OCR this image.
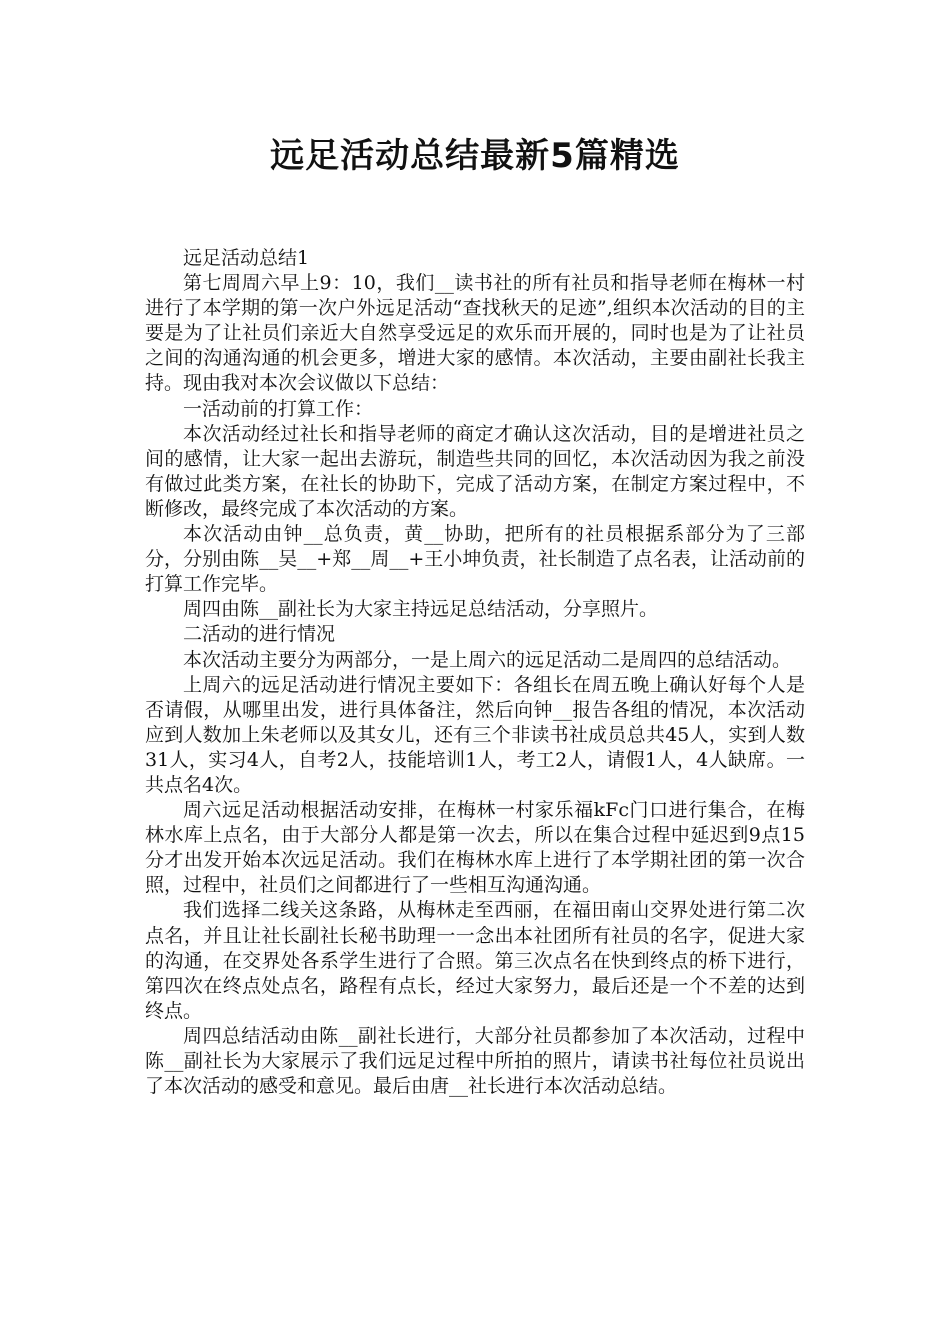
远足活动总结最新5篇精选

远足活动总结1

第七周周六早上9：10，我们__读书社的所有社员和指导老师在梅林一村进行了本学期的第一次户外远足活动“查找秋天的足迹”,组织本次活动的目的主要是为了让社员们亲近大自然享受远足的欢乐而开展的，同时也是为了让社员之间的沟通沟通的机会更多，增进大家的感情。本次活动，主要由副社长我主持。现由我对本次会议做以下总结：

一活动前的打算工作：

本次活动经过社长和指导老师的商定才确认这次活动，目的是增进社员之间的感情，让大家一起出去游玩，制造些共同的回忆，本次活动因为我之前没有做过此类方案，在社长的协助下，完成了活动方案，在制定方案过程中，不断修改，最终完成了本次活动的方案。

本次活动由钟__总负责，黄__协助，把所有的社员根据系部分为了三部分，分别由陈__吴__+郑__周__+王小坤负责，社长制造了点名表，让活动前的打算工作完毕。

周四由陈__副社长为大家主持远足总结活动，分享照片。

二活动的进行情况

本次活动主要分为两部分，一是上周六的远足活动二是周四的总结活动。

上周六的远足活动进行情况主要如下：各组长在周五晚上确认好每个人是否请假，从哪里出发，进行具体备注，然后向钟__报告各组的情况，本次活动应到人数加上朱老师以及其女儿，还有三个非读书社成员总共45人，实到人数31人，实习4人，自考2人，技能培训1人，考工2人，请假1人，4人缺席。一共点名4次。

周六远足活动根据活动安排，在梅林一村家乐福kFc门口进行集合，在梅林水库上点名，由于大部分人都是第一次去，所以在集合过程中延迟到9点15分才出发开始本次远足活动。我们在梅林水库上进行了本学期社团的第一次合照，过程中，社员们之间都进行了一些相互沟通沟通。

我们选择二线关这条路，从梅林走至西丽，在福田南山交界处进行第二次点名，并且让社长副社长秘书助理一一念出本社团所有社员的名字，促进大家的沟通，在交界处各系学生进行了合照。第三次点名在快到终点的桥下进行，第四次在终点处点名，路程有点长，经过大家努力，最后还是一个不差的达到终点。

周四总结活动由陈__副社长进行，大部分社员都参加了本次活动，过程中陈__副社长为大家展示了我们远足过程中所拍的照片，请读书社每位社员说出了本次活动的感受和意见。最后由唐__社长进行本次活动总结。
